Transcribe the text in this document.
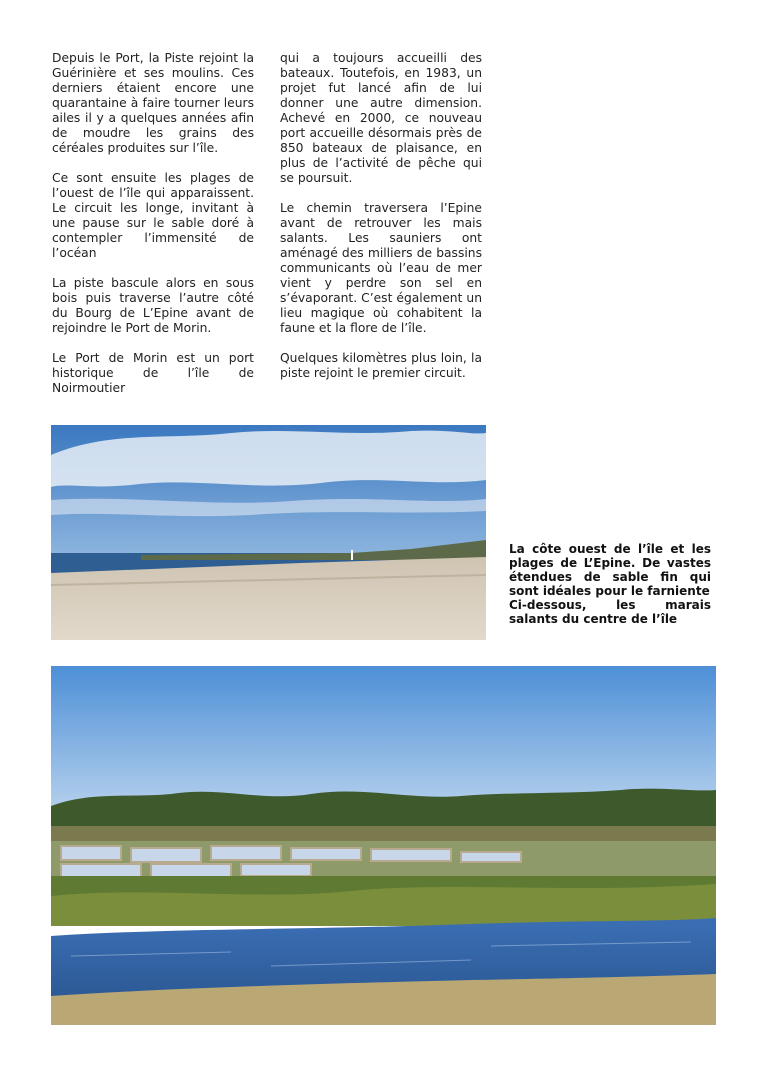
Depuis le Port, la Piste rejoint la Guérinière et ses moulins. Ces derniers étaient encore une quarantaine à faire tourner leurs ailes il y a quelques années afin de moudre les grains des céréales produites sur l’île.

Ce sont ensuite les plages de l’ouest de l’île qui apparaissent. Le circuit les longe, invitant à une pause sur le sable doré à contempler l’immensité de l’océan

La piste bascule alors en sous bois puis traverse l’autre côté du Bourg de L’Epine avant de rejoindre le Port de Morin.

Le Port de Morin est un port historique de l’île de Noirmoutier

qui a toujours accueilli des bateaux. Toutefois, en 1983, un projet fut lancé afin de lui donner une autre dimension. Achevé en 2000, ce nouveau port accueille désormais près de 850 bateaux de plaisance, en plus de l’activité de pêche qui se poursuit.

Le chemin traversera l’Epine avant de retrouver les mais salants. Les sauniers ont aménagé des milliers de bassins communicants où l’eau de mer vient y perdre son sel en s’évaporant. C’est également un lieu magique où cohabitent la faune et la flore de l’île.

Quelques kilomètres plus loin, la piste rejoint le premier circuit.

La côte ouest de l’île et les plages de L’Epine. De vastes étendues de sable fin qui sont idéales pour le farniente
Ci-dessous, les marais salants du centre de l’île
